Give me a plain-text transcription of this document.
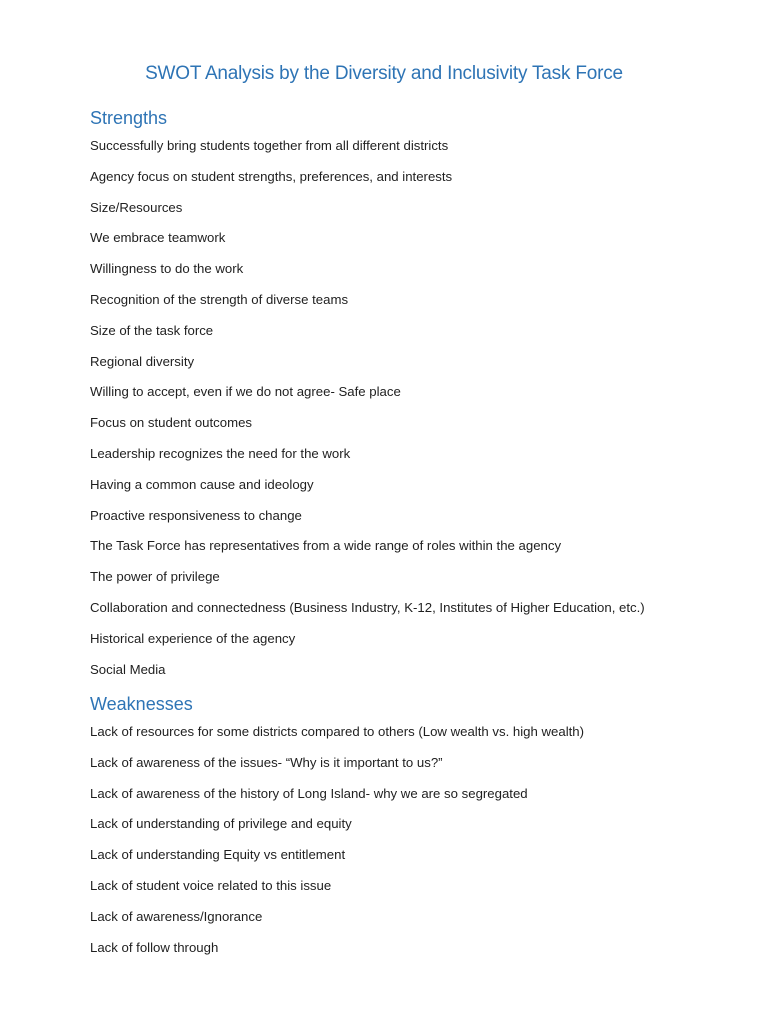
SWOT Analysis by the Diversity and Inclusivity Task Force
Strengths
Successfully bring students together from all different districts
Agency focus on student strengths, preferences, and interests
Size/Resources
We embrace teamwork
Willingness to do the work
Recognition of the strength of diverse teams
Size of the task force
Regional diversity
Willing to accept, even if we do not agree- Safe place
Focus on student outcomes
Leadership recognizes the need for the work
Having a common cause and ideology
Proactive responsiveness to change
The Task Force has representatives from a wide range of roles within the agency
The power of privilege
Collaboration and connectedness (Business Industry, K-12, Institutes of Higher Education, etc.)
Historical experience of the agency
Social Media
Weaknesses
Lack of resources for some districts compared to others (Low wealth vs. high wealth)
Lack of awareness of the issues- “Why is it important to us?”
Lack of awareness of the history of Long Island- why we are so segregated
Lack of understanding of privilege and equity
Lack of understanding Equity vs entitlement
Lack of student voice related to this issue
Lack of awareness/Ignorance
Lack of follow through
